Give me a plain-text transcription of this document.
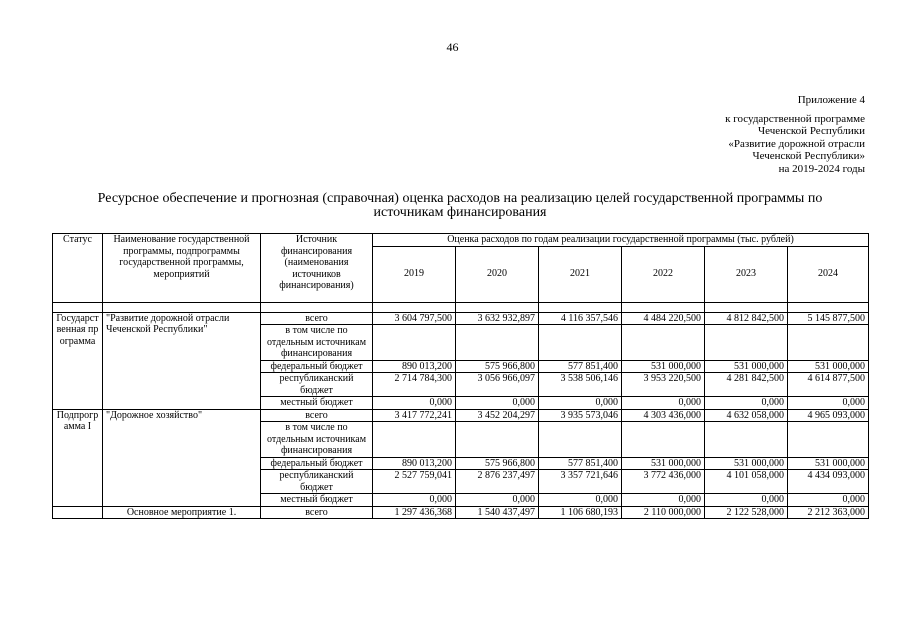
46
Приложение 4
к государственной программе
Чеченской Республики
«Развитие дорожной отрасли
Чеченской Республики»
на 2019-2024 годы
Ресурсное обеспечение и прогнозная (справочная) оценка расходов на реализацию целей государственной программы по
источникам финансирования
Статус	Наименование государственной программы, подпрограммы государственной программы, мероприятий	Источник финансирования (наименования источников финансирования)	Оценка расходов по годам реализации государственной программы (тыс. рублей)					
			2019	2020	2021	2022	2023	2024

Государственная программа	"Развитие дорожной отрасли Чеченской Республики"	всего	3 604 797,500	3 632 932,897	4 116 357,546	4 484 220,500	4 812 842,500	5 145 877,500
		в том числе по отдельным источникам финансирования						
		федеральный бюджет	890 013,200	575 966,800	577 851,400	531 000,000	531 000,000	531 000,000
		республиканский бюджет	2 714 784,300	3 056 966,097	3 538 506,146	3 953 220,500	4 281 842,500	4 614 877,500
		местный бюджет	0,000	0,000	0,000	0,000	0,000	0,000
Подпрограмма I	"Дорожное хозяйство"	всего	3 417 772,241	3 452 204,297	3 935 573,046	4 303 436,000	4 632 058,000	4 965 093,000
		в том числе по отдельным источникам финансирования						
		федеральный бюджет	890 013,200	575 966,800	577 851,400	531 000,000	531 000,000	531 000,000
		республиканский бюджет	2 527 759,041	2 876 237,497	3 357 721,646	3 772 436,000	4 101 058,000	4 434 093,000
		местный бюджет	0,000	0,000	0,000	0,000	0,000	0,000
	Основное мероприятие 1.	всего	1 297 436,368	1 540 437,497	1 106 680,193	2 110 000,000	2 122 528,000	2 212 363,000
